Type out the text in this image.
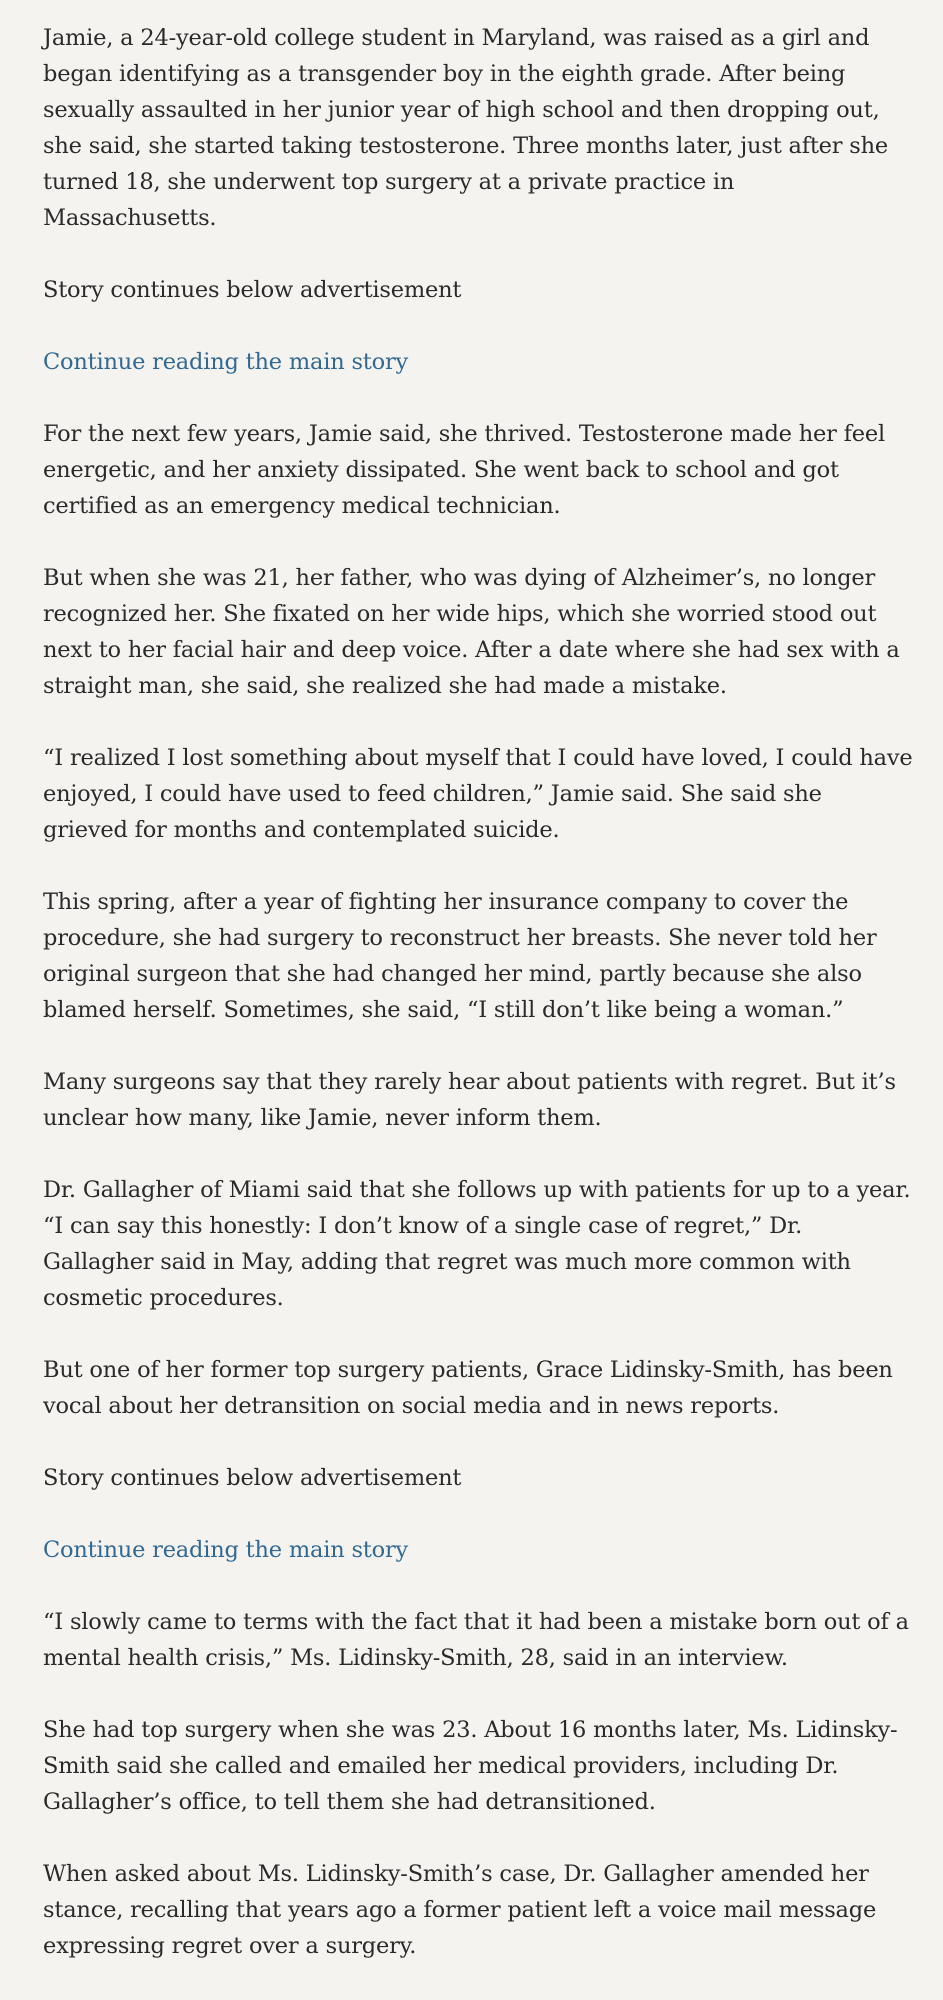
Jamie, a 24-year-old college student in Maryland, was raised as a girl and began identifying as a transgender boy in the eighth grade. After being sexually assaulted in her junior year of high school and then dropping out, she said, she started taking testosterone. Three months later, just after she turned 18, she underwent top surgery at a private practice in Massachusetts.

Story continues below advertisement

Continue reading the main story

For the next few years, Jamie said, she thrived. Testosterone made her feel energetic, and her anxiety dissipated. She went back to school and got certified as an emergency medical technician.

But when she was 21, her father, who was dying of Alzheimer’s, no longer recognized her. She fixated on her wide hips, which she worried stood out next to her facial hair and deep voice. After a date where she had sex with a straight man, she said, she realized she had made a mistake.

“I realized I lost something about myself that I could have loved, I could have enjoyed, I could have used to feed children,” Jamie said. She said she grieved for months and contemplated suicide.

This spring, after a year of fighting her insurance company to cover the procedure, she had surgery to reconstruct her breasts. She never told her original surgeon that she had changed her mind, partly because she also blamed herself. Sometimes, she said, “I still don’t like being a woman.”

Many surgeons say that they rarely hear about patients with regret. But it’s unclear how many, like Jamie, never inform them.

Dr. Gallagher of Miami said that she follows up with patients for up to a year. “I can say this honestly: I don’t know of a single case of regret,” Dr. Gallagher said in May, adding that regret was much more common with cosmetic procedures.

But one of her former top surgery patients, Grace Lidinsky-Smith, has been vocal about her detransition on social media and in news reports.

Story continues below advertisement

Continue reading the main story

“I slowly came to terms with the fact that it had been a mistake born out of a mental health crisis,” Ms. Lidinsky-Smith, 28, said in an interview.

She had top surgery when she was 23. About 16 months later, Ms. Lidinsky-Smith said she called and emailed her medical providers, including Dr. Gallagher’s office, to tell them she had detransitioned.

When asked about Ms. Lidinsky-Smith’s case, Dr. Gallagher amended her stance, recalling that years ago a former patient left a voice mail message expressing regret over a surgery.
